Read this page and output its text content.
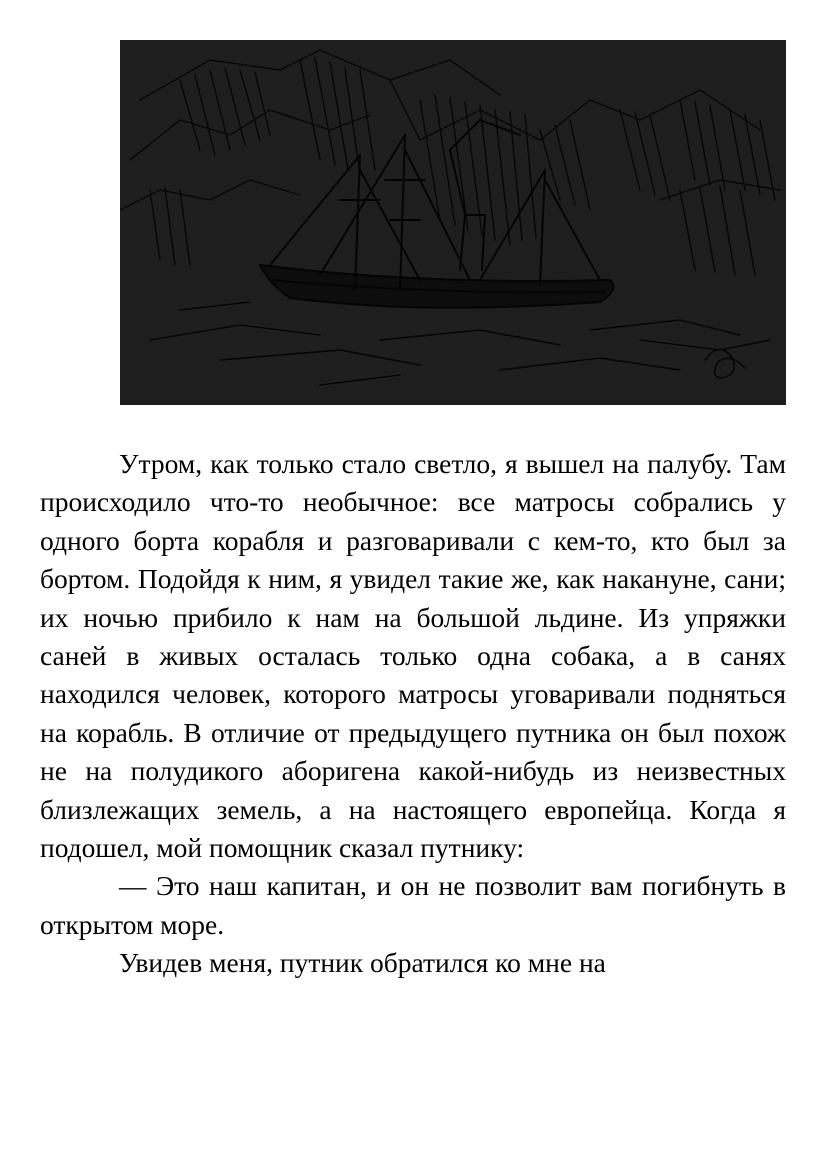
Утром, как только стало светло, я вышел на палубу. Там происходило что-то необычное: все матросы собрались у одного борта корабля и разговаривали с кем-то, кто был за бортом. Подойдя к ним, я увидел такие же, как накануне, сани; их ночью прибило к нам на большой льдине. Из упряжки саней в живых осталась только одна собака, а в санях находился человек, которого матросы уговаривали подняться на корабль. В отличие от предыдущего путника он был похож не на полудикого аборигена какой-нибудь из неизвестных близлежащих земель, а на настоящего европейца. Когда я подошел, мой помощник сказал путнику:

— Это наш капитан, и он не позволит вам погибнуть в открытом море.

Увидев меня, путник обратился ко мне на
